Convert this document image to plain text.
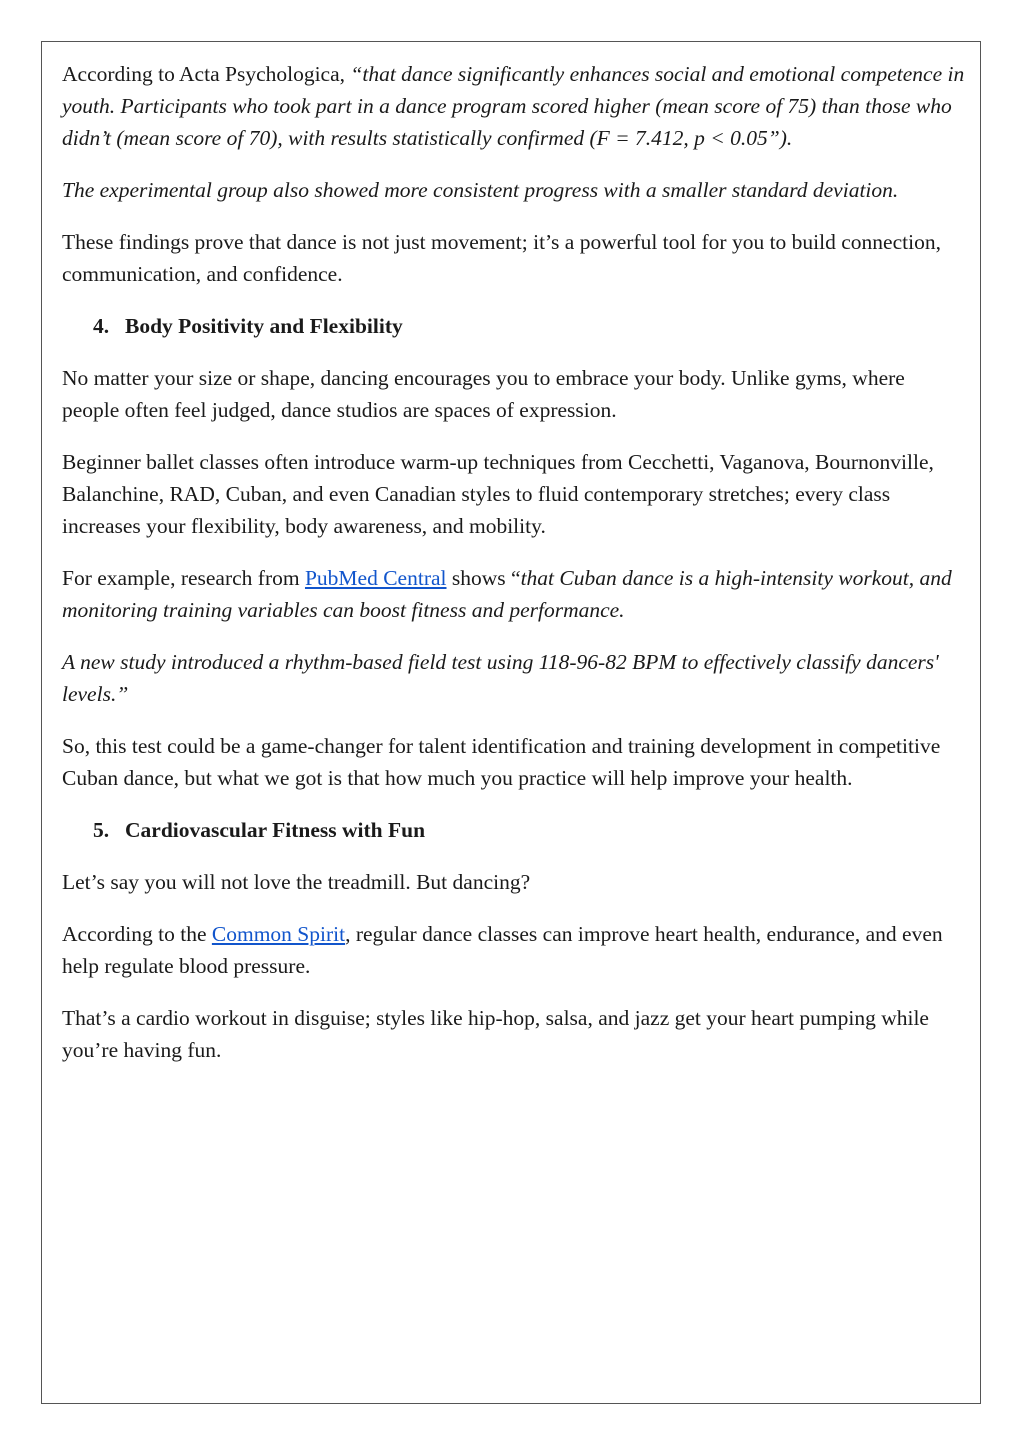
According to Acta Psychologica, “that dance significantly enhances social and emotional competence in youth. Participants who took part in a dance program scored higher (mean score of 75) than those who didn’t (mean score of 70), with results statistically confirmed (F = 7.412, p < 0.05”).

The experimental group also showed more consistent progress with a smaller standard deviation.

These findings prove that dance is not just movement; it’s a powerful tool for you to build connection, communication, and confidence.

4. Body Positivity and Flexibility

No matter your size or shape, dancing encourages you to embrace your body. Unlike gyms, where people often feel judged, dance studios are spaces of expression.

Beginner ballet classes often introduce warm-up techniques from Cecchetti, Vaganova, Bournonville, Balanchine, RAD, Cuban, and even Canadian styles to fluid contemporary stretches; every class increases your flexibility, body awareness, and mobility.

For example, research from PubMed Central shows “that Cuban dance is a high-intensity workout, and monitoring training variables can boost fitness and performance.

A new study introduced a rhythm-based field test using 118-96-82 BPM to effectively classify dancers' levels.”

So, this test could be a game-changer for talent identification and training development in competitive Cuban dance, but what we got is that how much you practice will help improve your health.

5. Cardiovascular Fitness with Fun

Let’s say you will not love the treadmill. But dancing?

According to the Common Spirit, regular dance classes can improve heart health, endurance, and even help regulate blood pressure.

That’s a cardio workout in disguise; styles like hip-hop, salsa, and jazz get your heart pumping while you’re having fun.
